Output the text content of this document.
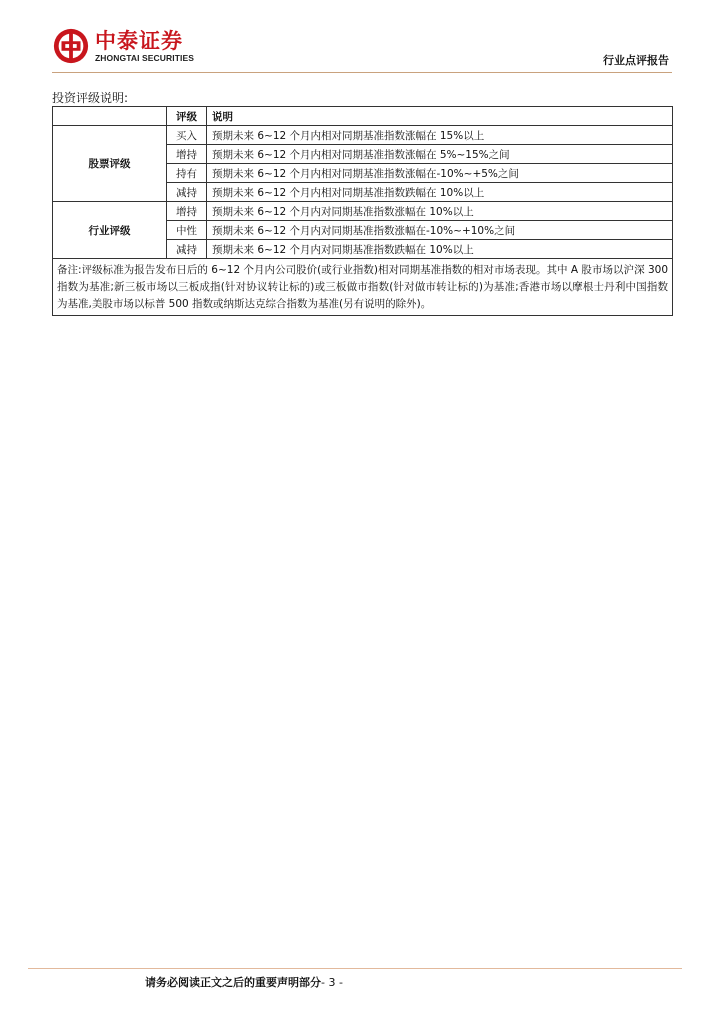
中泰证券
ZHONGTAI SECURITIES	行业点评报告
投资评级说明:
	评级	说明
股票评级	买入	预期未来 6~12 个月内相对同期基准指数涨幅在 15%以上
	增持	预期未来 6~12 个月内相对同期基准指数涨幅在 5%~15%之间
	持有	预期未来 6~12 个月内相对同期基准指数涨幅在-10%~+5%之间
	减持	预期未来 6~12 个月内相对同期基准指数跌幅在 10%以上
行业评级	增持	预期未来 6~12 个月内对同期基准指数涨幅在 10%以上
	中性	预期未来 6~12 个月内对同期基准指数涨幅在-10%~+10%之间
	减持	预期未来 6~12 个月内对同期基准指数跌幅在 10%以上
备注:评级标准为报告发布日后的 6~12 个月内公司股价(或行业指数)相对同期基准指数的相对市场表现。其中 A 股市场以沪深 300 指数为基准;新三板市场以三板成指(针对协议转让标的)或三板做市指数(针对做市转让标的)为基准;香港市场以摩根士丹利中国指数为基准,美股市场以标普 500 指数或纳斯达克综合指数为基准(另有说明的除外)。		
请务必阅读正文之后的重要声明部分- 3 -
